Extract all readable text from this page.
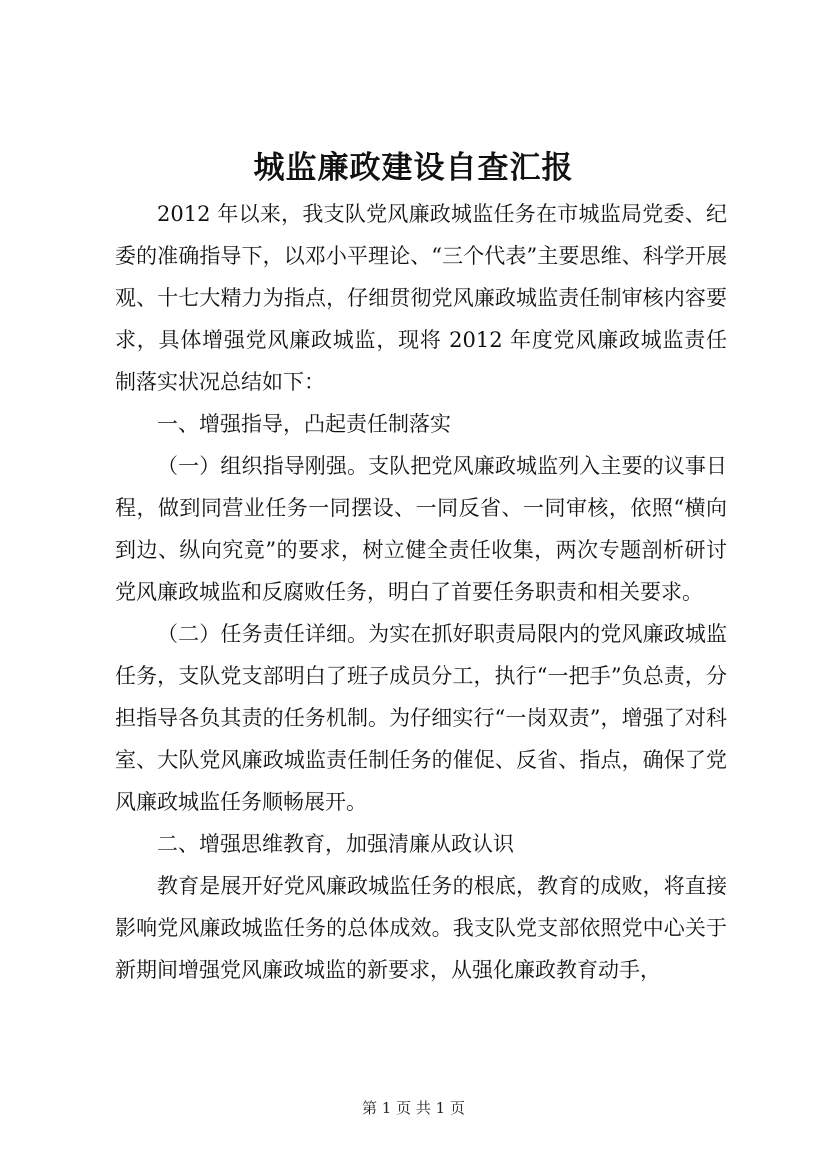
城监廉政建设自查汇报

2012 年以来，我支队党风廉政城监任务在市城监局党委、纪委的准确指导下，以邓小平理论、“三个代表”主要思维、科学开展观、十七大精力为指点，仔细贯彻党风廉政城监责任制审核内容要求，具体增强党风廉政城监，现将 2012 年度党风廉政城监责任制落实状况总结如下：

一、增强指导，凸起责任制落实

（一）组织指导刚强。支队把党风廉政城监列入主要的议事日程，做到同营业任务一同摆设、一同反省、一同审核，依照“横向到边、纵向究竟”的要求，树立健全责任收集，两次专题剖析研讨党风廉政城监和反腐败任务，明白了首要任务职责和相关要求。

（二）任务责任详细。为实在抓好职责局限内的党风廉政城监任务，支队党支部明白了班子成员分工，执行“一把手”负总责，分担指导各负其责的任务机制。为仔细实行“一岗双责”，增强了对科室、大队党风廉政城监责任制任务的催促、反省、指点，确保了党风廉政城监任务顺畅展开。

二、增强思维教育，加强清廉从政认识

教育是展开好党风廉政城监任务的根底，教育的成败，将直接影响党风廉政城监任务的总体成效。我支队党支部依照党中心关于新期间增强党风廉政城监的新要求，从强化廉政教育动手，

第 1 页 共 1 页
